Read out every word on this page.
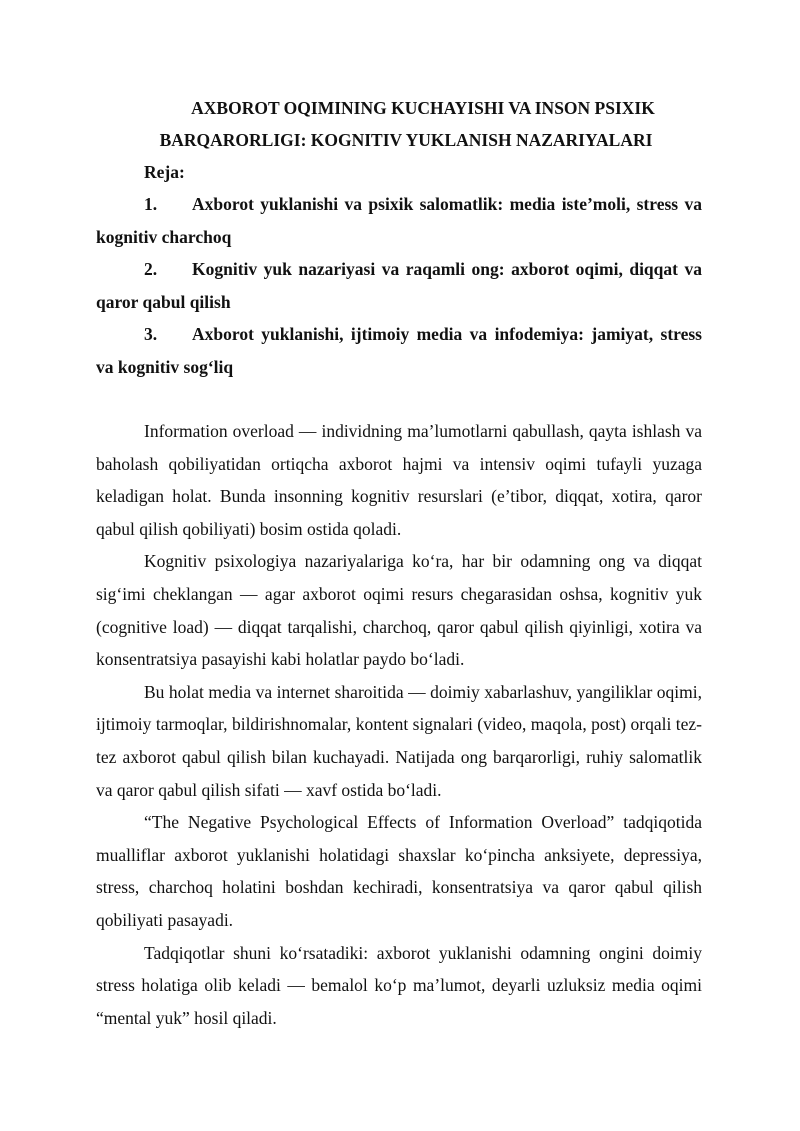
AXBOROT OQIMINING KUCHAYISHI VA INSON PSIXIK
BARQARORLIGI: KOGNITIV YUKLANISH NAZARIYALARI

Reja:

1. Axborot yuklanishi va psixik salomatlik: media iste’moli, stress va kognitiv charchoq
2. Kognitiv yuk nazariyasi va raqamli ong: axborot oqimi, diqqat va qaror qabul qilish
3. Axborot yuklanishi, ijtimoiy media va infodemiya: jamiyat, stress va kognitiv sog‘liq

Information overload — individning ma’lumotlarni qabullash, qayta ishlash va baholash qobiliyatidan ortiqcha axborot hajmi va intensiv oqimi tufayli yuzaga keladigan holat. Bunda insonning kognitiv resurslari (e’tibor, diqqat, xotira, qaror qabul qilish qobiliyati) bosim ostida qoladi.

Kognitiv psixologiya nazariyalariga ko‘ra, har bir odamning ong va diqqat sig‘imi cheklangan — agar axborot oqimi resurs chegarasidan oshsa, kognitiv yuk (cognitive load) — diqqat tarqalishi, charchoq, qaror qabul qilish qiyinligi, xotira va konsentratsiya pasayishi kabi holatlar paydo bo‘ladi.

Bu holat media va internet sharoitida — doimiy xabarlashuv, yangiliklar oqimi, ijtimoiy tarmoqlar, bildirishnomalar, kontent signalari (video, maqola, post) orqali tez-tez axborot qabul qilish bilan kuchayadi. Natijada ong barqarorligi, ruhiy salomatlik va qaror qabul qilish sifati — xavf ostida bo‘ladi.

“The Negative Psychological Effects of Information Overload” tadqiqotida mualliflar axborot yuklanishi holatidagi shaxslar ko‘pincha anksiyete, depressiya, stress, charchoq holatini boshdan kechiradi, konsentratsiya va qaror qabul qilish qobiliyati pasayadi.

Tadqiqotlar shuni ko‘rsatadiki: axborot yuklanishi odamning ongini doimiy stress holatiga olib keladi — bemalol ko‘p ma’lumot, deyarli uzluksiz media oqimi “mental yuk” hosil qiladi.
